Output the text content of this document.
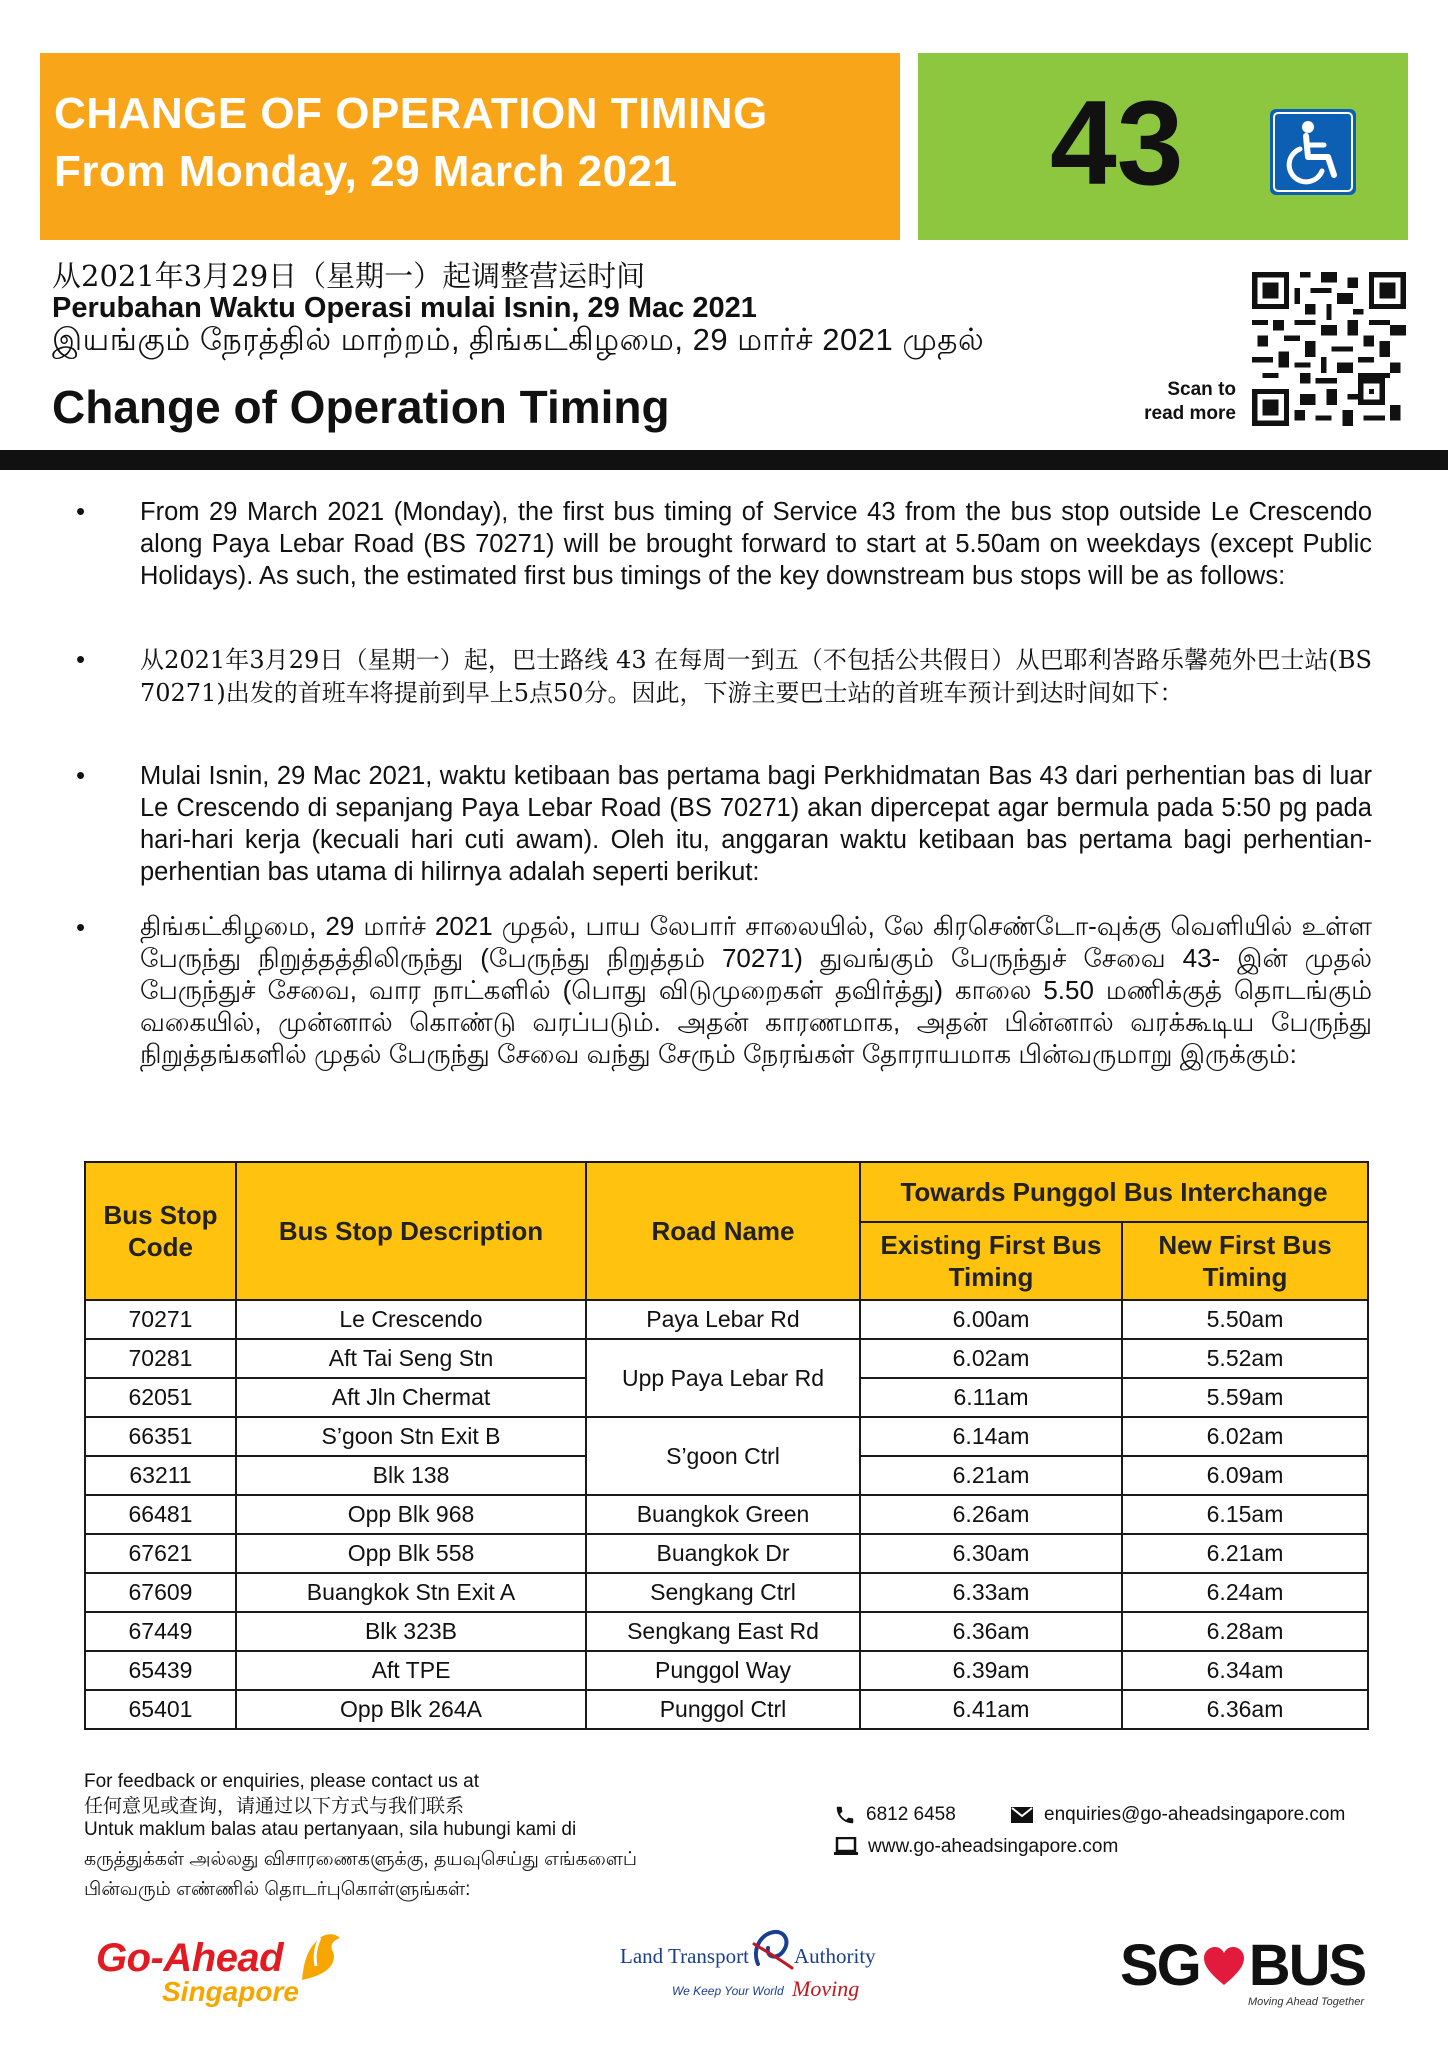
CHANGE OF OPERATION TIMING
From Monday, 29 March 2021	43
从2021年3月29日（星期一）起调整营运时间
Perubahan Waktu Operasi mulai Isnin, 29 Mac 2021
இயங்கும் நேரத்தில் மாற்றம், திங்கட்கிழமை, 29 மார்ச் 2021 முதல்
Change of Operation Timing	Scan to
read more
• From 29 March 2021 (Monday), the first bus timing of Service 43 from the bus stop outside Le Crescendo along Paya Lebar Road (BS 70271) will be brought forward to start at 5.50am on weekdays (except Public Holidays). As such, the estimated first bus timings of the key downstream bus stops will be as follows:
• 从2021年3月29日（星期一）起，巴士路线 43 在每周一到五（不包括公共假日）从巴耶利峇路乐馨苑外巴士站(BS 70271)出发的首班车将提前到早上5点50分。因此，下游主要巴士站的首班车预计到达时间如下：
• Mulai Isnin, 29 Mac 2021, waktu ketibaan bas pertama bagi Perkhidmatan Bas 43 dari perhentian bas di luar Le Crescendo di sepanjang Paya Lebar Road (BS 70271) akan dipercepat agar bermula pada 5:50 pg pada hari-hari kerja (kecuali hari cuti awam). Oleh itu, anggaran waktu ketibaan bas pertama bagi perhentian-perhentian bas utama di hilirnya adalah seperti berikut:
• திங்கட்கிழமை, 29 மார்ச் 2021 முதல், பாய லேபார் சாலையில், லே கிரசெண்டோ-வுக்கு வெளியில் உள்ள பேருந்து நிறுத்தத்திலிருந்து (பேருந்து நிறுத்தம் 70271) துவங்கும் பேருந்துச் சேவை 43- இன் முதல் பேருந்துச் சேவை, வார நாட்களில் (பொது விடுமுறைகள் தவிர்த்து) காலை 5.50 மணிக்குத் தொடங்கும் வகையில், முன்னால் கொண்டு வரப்படும். அதன் காரணமாக, அதன் பின்னால் வரக்கூடிய பேருந்து நிறுத்தங்களில் முதல் பேருந்து சேவை வந்து சேரும் நேரங்கள் தோராயமாக பின்வருமாறு இருக்கும்:
Bus Stop Code	Bus Stop Description	Road Name	Towards Punggol Bus Interchange	
			Existing First Bus Timing	New First Bus Timing
70271	Le Crescendo	Paya Lebar Rd	6.00am	5.50am
70281	Aft Tai Seng Stn	Upp Paya Lebar Rd	6.02am	5.52am
62051	Aft Jln Chermat		6.11am	5.59am
66351	S’goon Stn Exit B	S’goon Ctrl	6.14am	6.02am
63211	Blk 138		6.21am	6.09am
66481	Opp Blk 968	Buangkok Green	6.26am	6.15am
67621	Opp Blk 558	Buangkok Dr	6.30am	6.21am
67609	Buangkok Stn Exit A	Sengkang Ctrl	6.33am	6.24am
67449	Blk 323B	Sengkang East Rd	6.36am	6.28am
65439	Aft TPE	Punggol Way	6.39am	6.34am
65401	Opp Blk 264A	Punggol Ctrl	6.41am	6.36am
For feedback or enquiries, please contact us at
任何意见或查询，请通过以下方式与我们联系
Untuk maklum balas atau pertanyaan, sila hubungi kami di
கருத்துக்கள் அல்லது விசாரணைகளுக்கு, தயவுசெய்து எங்களைப்
பின்வரும் எண்ணில் தொடர்புகொள்ளுங்கள்:
6812 6458	enquiries@go-aheadsingapore.com
www.go-aheadsingapore.com
Go-Ahead
Singapore
Land Transport Authority
We Keep Your World Moving	SG BUS
Moving Ahead Together
